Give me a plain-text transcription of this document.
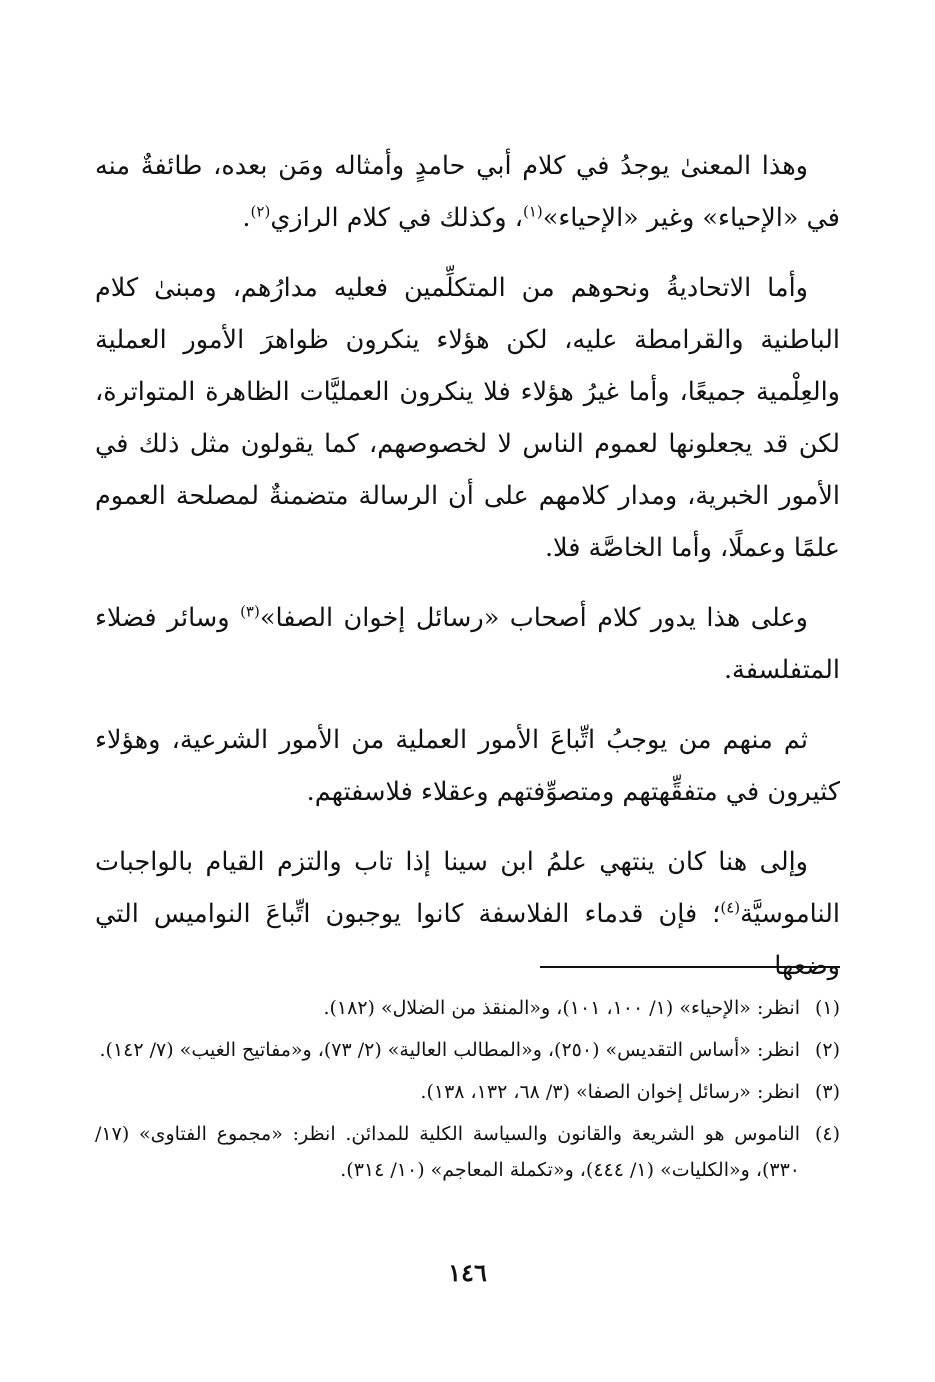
وهذا المعنىٰ يوجدُ في كلام أبي حامدٍ وأمثاله ومَن بعده، طائفةٌ منه في «الإحياء» وغير «الإحياء»$^{(١)}$، وكذلك في كلام الرازي$^{(٢)}$.

وأما الاتحاديةُ ونحوهم من المتكلِّمين فعليه مدارُهم، ومبنىٰ كلام الباطنية والقرامطة عليه، لكن هؤلاء ينكرون ظواهرَ الأمور العملية والعِلْمية جميعًا، وأما غيرُ هؤلاء فلا ينكرون العمليَّات الظاهرة المتواترة، لكن قد يجعلونها لعموم الناس لا لخصوصهم، كما يقولون مثل ذلك في الأمور الخبرية، ومدار كلامهم على أن الرسالة متضمنةٌ لمصلحة العموم علمًا وعملًا، وأما الخاصَّة فلا.

وعلى هذا يدور كلام أصحاب «رسائل إخوان الصفا»$^{(٣)}$ وسائر فضلاء المتفلسفة.

ثم منهم من يوجبُ اتِّباعَ الأمور العملية من الأمور الشرعية، وهؤلاء كثيرون في متفقِّهتهم ومتصوِّفتهم وعقلاء فلاسفتهم.

وإلى هنا كان ينتهي علمُ ابن سينا إذا تاب والتزم القيام بالواجبات الناموسيَّة$^{(٤)}$؛ فإن قدماء الفلاسفة كانوا يوجبون اتِّباعَ النواميس التي وضعها

(١)
انظر: «الإحياء» (١/ ١٠٠، ١٠١)، و«المنقذ من الضلال» (١٨٢).
(٢)
انظر: «أساس التقديس» (٢٥٠)، و«المطالب العالية» (٢/ ٧٣)، و«مفاتيح الغيب» (٧/ ١٤٢).
(٣)
انظر: «رسائل إخوان الصفا» (٣/ ٦٨، ١٣٢، ١٣٨).
(٤)
الناموس هو الشريعة والقانون والسياسة الكلية للمدائن. انظر: «مجموع الفتاوى» (١٧/ ٣٣٠)، و«الكليات» (١/ ٤٤٤)، و«تكملة المعاجم» (١٠/ ٣١٤).
١٤٦
